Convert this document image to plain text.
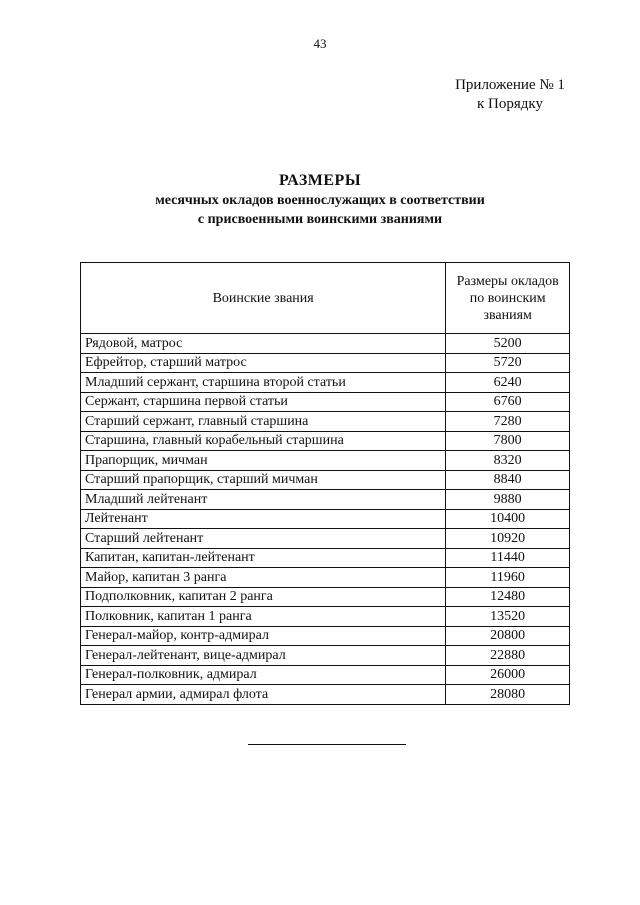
43
Приложение № 1
к Порядку
РАЗМЕРЫ
месячных окладов военнослужащих в соответствии
с присвоенными воинскими званиями
Воинские звания	Размеры окладов по воинским званиям
Рядовой, матрос	5200
Ефрейтор, старший матрос	5720
Младший сержант, старшина второй статьи	6240
Сержант, старшина первой статьи	6760
Старший сержант, главный старшина	7280
Старшина, главный корабельный старшина	7800
Прапорщик, мичман	8320
Старший прапорщик, старший мичман	8840
Младший лейтенант	9880
Лейтенант	10400
Старший лейтенант	10920
Капитан, капитан-лейтенант	11440
Майор, капитан 3 ранга	11960
Подполковник, капитан 2 ранга	12480
Полковник, капитан 1 ранга	13520
Генерал-майор, контр-адмирал	20800
Генерал-лейтенант, вице-адмирал	22880
Генерал-полковник, адмирал	26000
Генерал армии, адмирал флота	28080
